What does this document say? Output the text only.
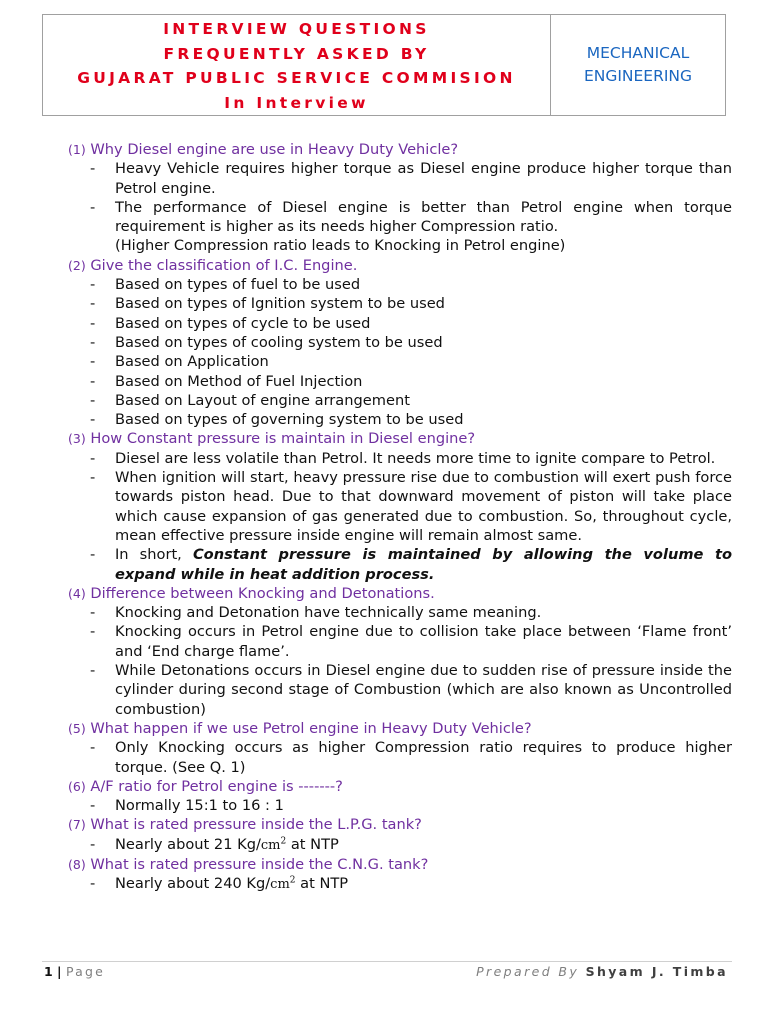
INTERVIEW QUESTIONS
FREQUENTLY ASKED BY
GUJARAT PUBLIC SERVICE COMMISION
In Interview
MECHANICAL
ENGINEERING
(1) Why Diesel engine are use in Heavy Duty Vehicle?
- Heavy Vehicle requires higher torque as Diesel engine produce higher torque than Petrol engine.
- The performance of Diesel engine is better than Petrol engine when torque requirement is higher as its needs higher Compression ratio.
(Higher Compression ratio leads to Knocking in Petrol engine)
(2) Give the classification of I.C. Engine.
- Based on types of fuel to be used
- Based on types of Ignition system to be used
- Based on types of cycle to be used
- Based on types of cooling system to be used
- Based on Application
- Based on Method of Fuel Injection
- Based on Layout of engine arrangement
- Based on types of governing system to be used
(3) How Constant pressure is maintain in Diesel engine?
- Diesel are less volatile than Petrol. It needs more time to ignite compare to Petrol.
- When ignition will start, heavy pressure rise due to combustion will exert push force towards piston head. Due to that downward movement of piston will take place which cause expansion of gas generated due to combustion. So, throughout cycle, mean effective pressure inside engine will remain almost same.
- In short, Constant pressure is maintained by allowing the volume to expand while in heat addition process.
(4) Difference between Knocking and Detonations.
- Knocking and Detonation have technically same meaning.
- Knocking occurs in Petrol engine due to collision take place between ‘Flame front’ and ‘End charge flame’.
- While Detonations occurs in Diesel engine due to sudden rise of pressure inside the cylinder during second stage of Combustion (which are also known as Uncontrolled combustion)
(5) What happen if we use Petrol engine in Heavy Duty Vehicle?
- Only Knocking occurs as higher Compression ratio requires to produce higher torque. (See Q. 1)
(6) A/F ratio for Petrol engine is -------?
- Normally 15:1 to 16 : 1
(7) What is rated pressure inside the L.P.G. tank?
- Nearly about 21 $Kg/cm^2$ at NTP
(8) What is rated pressure inside the C.N.G. tank?
- Nearly about 240 $Kg/cm^2$ at NTP
1 | Page	Prepared By Shyam J. Timba
